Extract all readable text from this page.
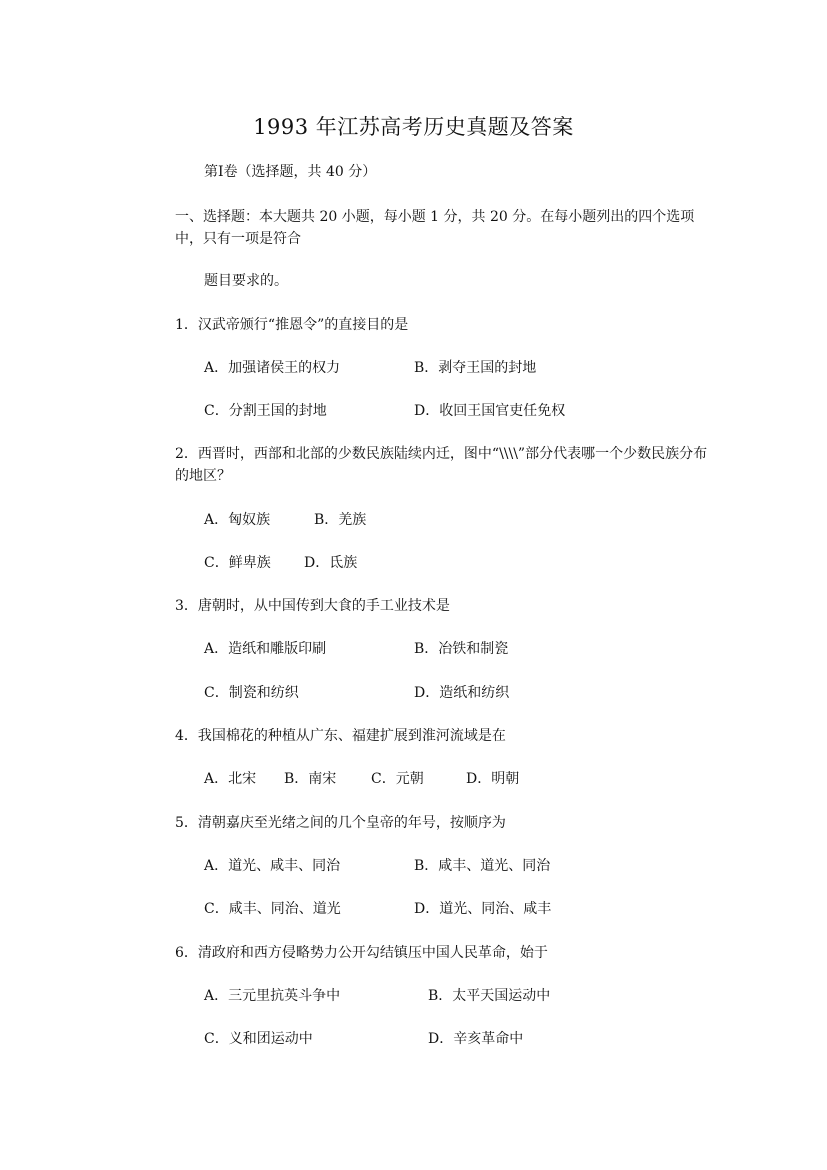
1993 年江苏高考历史真题及答案
第Ⅰ卷（选择题，共 40 分）
一、选择题：本大题共 20 小题，每小题 1 分，共 20 分。在每小题列出的四个选项中，只有一项是符合
题目要求的。
1．汉武帝颁行“推恩令”的直接目的是
A．加强诸侯王的权力	B．剥夺王国的封地
C．分割王国的封地	D．收回王国官吏任免权
2．西晋时，西部和北部的少数民族陆续内迁，图中“\\\\”部分代表哪一个少数民族分布的地区？
A．匈奴族	B．羌族
C．鲜卑族 D．氐族
3．唐朝时，从中国传到大食的手工业技术是
A．造纸和雕版印刷	B．冶铁和制瓷
C．制瓷和纺织	D．造纸和纺织
4．我国棉花的种植从广东、福建扩展到淮河流域是在
A．北宋 B．南宋 C．元朝	D．明朝
5．清朝嘉庆至光绪之间的几个皇帝的年号，按顺序为
A．道光、咸丰、同治	B．咸丰、道光、同治
C．咸丰、同治、道光	D．道光、同治、咸丰
6．清政府和西方侵略势力公开勾结镇压中国人民革命，始于
A．三元里抗英斗争中	B．太平天国运动中
C．义和团运动中	D．辛亥革命中
